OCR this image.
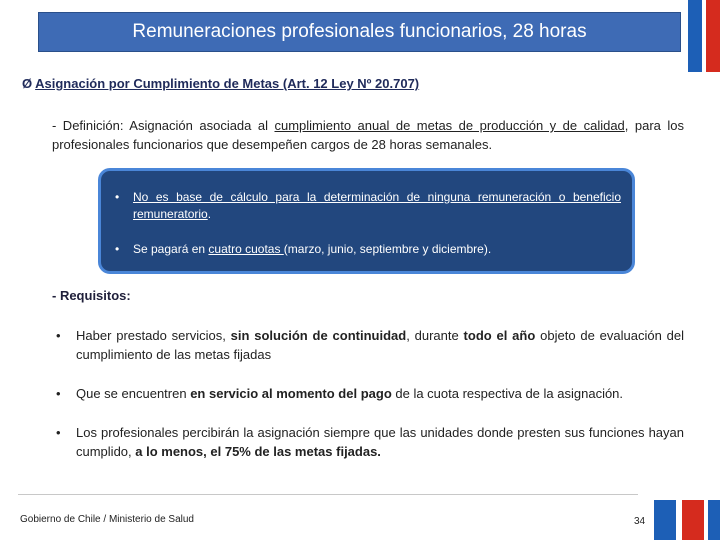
Remuneraciones profesionales funcionarios, 28 horas
Ø Asignación por Cumplimiento de Metas (Art. 12 Ley Nº 20.707)
- Definición: Asignación asociada al cumplimiento anual de metas de producción y de calidad, para los profesionales funcionarios que desempeñen cargos de 28 horas semanales.
• No es base de cálculo para la determinación de ninguna remuneración o beneficio remuneratorio.
• Se pagará en cuatro cuotas (marzo, junio, septiembre y diciembre).
- Requisitos:
• Haber prestado servicios, sin solución de continuidad, durante todo el año objeto de evaluación del cumplimiento de las metas fijadas
• Que se encuentren en servicio al momento del pago de la cuota respectiva de la asignación.
• Los profesionales percibirán la asignación siempre que las unidades donde presten sus funciones hayan cumplido, a lo menos, el 75% de las metas fijadas.
Gobierno de Chile / Ministerio de Salud	34
